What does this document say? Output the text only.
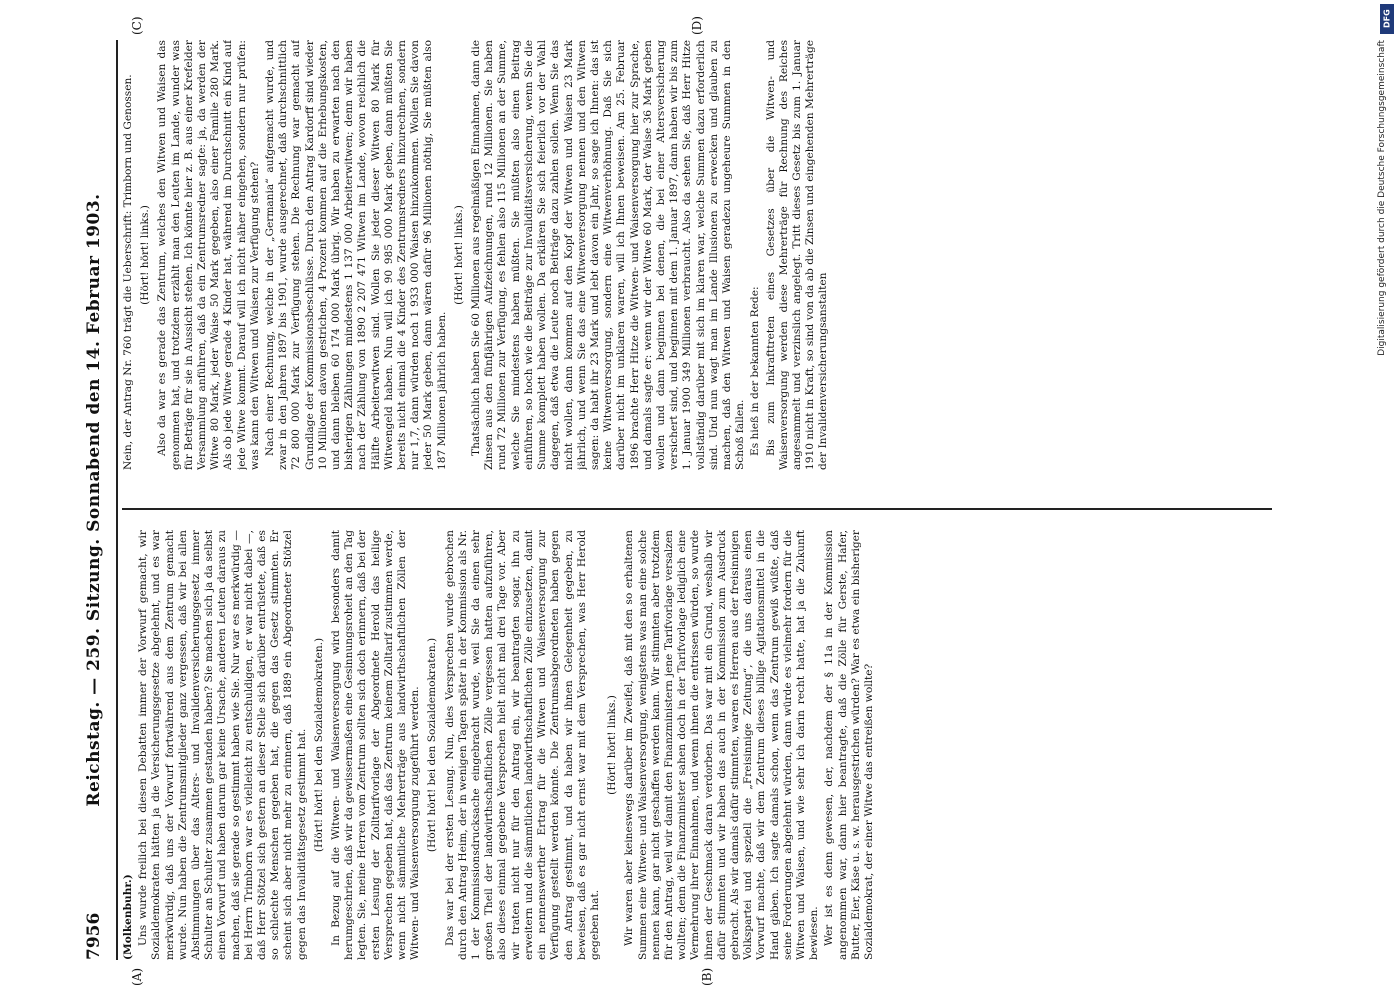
7956
Reichstag. — 259. Sitzung. Sonnabend den 14. Februar 1903.
(A)	(B)
(C)	(D)

(Molkenbuhr.) Uns wurde freilich bei diesen Debatten immer der Vorwurf gemacht, wir Sozialdemokraten hätten ja die Versicherungsgesetze abgelehnt, und es war merkwürdig, daß uns der Vorwurf fortwährend aus dem Zentrum gemacht wurde. Nun haben die Zentrumsmitglieder ganz vergessen, daß wir bei allen Abstimmungen über das Alters- und Invalidenversicherungsgesetz immer Schulter an Schulter zusammen gestanden haben? Sie machen sich ja da selbst einen Vorwurf und haben darum gar keine Ursache, anderen Leuten daraus zu machen, daß sie gerade so gestimmt haben wie Sie. Nur war es merkwürdig — bei Herrn Trimborn war es vielleicht zu entschuldigen, er war nicht dabei —, daß Herr Stötzel sich gestern an dieser Stelle sich darüber entrüstete, daß es so schlechte Menschen gegeben hat, die gegen das Gesetz stimmten. Er scheint sich aber nicht mehr zu erinnern, daß 1889 ein Abgeordneter Stötzel gegen das Invaliditätsgesetz gestimmt hat. (Hört! hört! bei den Sozialdemokraten.) In Bezug auf die Witwen- und Waisenversorgung wird besonders damit herumgeschrien, daß wir da gewissermaßen eine Gesinnungsroheit an den Tag legten. Sie, meine Herren vom Zentrum sollten sich doch erinnern, daß bei der ersten Lesung der Zolltarifvorlage der Abgeordnete Herold das heilige Versprechen gegeben hat, daß das Zentrum keinem Zolltarif zustimmen werde, wenn nicht sämmtliche Mehrerträge aus landwirthschaftlichen Zöllen der Witwen- und Waisenversorgung zugeführt werden. (Hört! hört! bei den Sozialdemokraten.) Das war bei der ersten Lesung. Nun, dies Versprechen wurde gebrochen durch den Antrag Heim, der in wenigen Tagen später in der Kommission als Nr. 1 der Kommissionsdrucksache eingebracht wurde, weil Sie da einen sehr großen Theil der landwirthschaftlichen Zölle vergessen hatten aufzuführen, also dieses einmal gegebene Versprechen hielt nicht mal drei Tage vor. Aber wir traten nicht nur für den Antrag ein, wir beantragten sogar, ihn zu erweitern und die sämmtlichen landwirthschaftlichen Zölle einzusetzen, damit ein nennenswerther Ertrag für die Witwen und Waisenversorgung zur Verfügung gestellt werden könnte. Die Zentrumsabgeordneten haben gegen den Antrag gestimmt, und da haben wir ihnen Gelegenheit gegeben, zu beweisen, daß es gar nicht ernst war mit dem Versprechen, was Herr Herold gegeben hat.

(Hört! hört! links.) Wir waren aber keineswegs darüber im Zweifel, daß mit den so erhaltenen Summen eine Witwen- und Waisenversorgung, wenigstens was man eine solche nennen kann, gar nicht geschaffen werden kann. Wir stimmten aber trotzdem für den Antrag, weil wir damit den Finanzministern jene Tarifvorlage versalzen wollten; denn die Finanzminister sahen doch in der Tarifvorlage lediglich eine Vermehrung ihrer Einnahmen, und wenn ihnen die entrissen würden, so wurde ihnen der Geschmack daran verdorben. Das war mit ein Grund, weshalb wir dafür stimmten und wir haben das auch in der Kommission zum Ausdruck gebracht. Als wir damals dafür stimmten, waren es Herren aus der freisinnigen Volkspartei und speziell die „Freisinnige Zeitung“, die uns daraus einen Vorwurf machte, daß wir dem Zentrum dieses billige Agitationsmittel in die Hand gäben. Ich sagte damals schon, wenn das Zentrum gewiß wüßte, daß seine Forderungen abgelehnt würden, dann würde es vielmehr fordern für die Witwen und Waisen, und wie sehr ich darin recht hatte, hat ja die Zukunft bewiesen. Wer ist es denn gewesen, der, nachdem der § 11a in der Kommission angenommen war, dann hier beantragte, daß die Zölle für Gerste, Hafer, Butter, Eier, Käse u. s. w. herausgestrichen würden? War es etwa ein bisheriger Sozialdemokrat, der einer Witwe das entreißen wollte?

Nein, der Antrag Nr. 760 trägt die Ueberschrift: Trimborn und Genossen. (Hört! hört! links.) Also da war es gerade das Zentrum, welches den Witwen und Waisen das genommen hat, und trotzdem erzählt man den Leuten im Lande, wunder was für Beträge für sie in Aussicht stehen. Ich könnte hier z. B. aus einer Krefelder Versammlung anführen, daß da ein Zentrumsredner sagte: ja, da werden der Witwe 80 Mark, jeder Waise 50 Mark gegeben, also einer Familie 280 Mark. Als ob jede Witwe gerade 4 Kinder hat, während im Durchschnitt ein Kind auf jede Witwe kommt. Darauf will ich nicht näher eingehen, sondern nur prüfen: was kann den Witwen und Waisen zur Verfügung stehen? Nach einer Rechnung, welche in der „Germania“ aufgemacht wurde, und zwar in den Jahren 1897 bis 1901, wurde ausgerechnet, daß durchschnittlich 72 800 000 Mark zur Verfügung stehen. Die Rechnung war gemacht auf Grundlage der Kommissionsbeschlüsse. Durch den Antrag Kardorff sind wieder 10 Millionen davon gestrichen, 4 Prozent kommen auf die Erhebungskosten, und dann bleiben 60 174 000 Mark übrig. Wir haben zu erwarten nach den bisherigen Zählungen mindestens 1 137 000 Arbeiterwitwen; denn wir haben nach der Zählung von 1890 2 207 471 Witwen im Lande, wovon reichlich die Hälfte Arbeiterwitwen sind. Wollen Sie jeder dieser Witwen 80 Mark für Witwengeld haben. Nun will ich 90 985 000 Mark geben, dann müßten Sie bereits nicht einmal die 4 Kinder des Zentrumsredners hinzurechnen, sondern nur 1,7, dann würden noch 1 933 000 Waisen hinzukommen. Wollen Sie davon jeder 50 Mark geben, dann wären dafür 96 Millionen nöthig, Sie müßten also 187 Millionen jährlich haben.

(Hört! hört! links.) Thatsächlich haben Sie 60 Millionen aus regelmäßigen Einnahmen, dann die Zinsen aus den fünfjährigen Aufzeichnungen, rund 12 Millionen. Sie haben rund 72 Millionen zur Verfügung, es fehlen also 115 Millionen an der Summe, welche Sie mindestens haben müßten. Sie müßten also einen Beitrag einführen, so hoch wie die Beiträge zur Invaliditätsversicherung, wenn Sie die Summe komplett haben wollen. Da erklären Sie sich feierlich vor der Wahl dagegen, daß etwa die Leute noch Beiträge dazu zahlen sollen. Wenn Sie das nicht wollen, dann kommen auf den Kopf der Witwen und Waisen 23 Mark jährlich, und wenn Sie das eine Witwenversorgung nennen und den Witwen sagen: da habt ihr 23 Mark und lebt davon ein Jahr, so sage ich Ihnen: das ist keine Witwenversorgung, sondern eine Witwenverhöhnung. Daß Sie sich darüber nicht im unklaren waren, will ich Ihnen beweisen. Am 25. Februar 1896 brachte Herr Hitze die Witwen- und Waisenversorgung hier zur Sprache, und damals sagte er: wenn wir der Witwe 60 Mark, der Waise 36 Mark geben wollen und dann beginnen bei denen, die bei einer Altersversicherung versichert sind, und beginnen mit dem 1. Januar 1897, dann haben wir bis zum 1. Januar 1900 349 Millionen verbraucht. Also da sehen Sie, daß Herr Hitze vollständig darüber mit sich im klaren war, welche Summen dazu erforderlich sind. Und nun wagt man im Lande Illusionen zu erwecken und glauben zu machen, daß den Witwen und Waisen geradezu ungeheure Summen in den Schoß fallen. Es hieß in der bekannten Rede: Bis zum Inkrafttreten eines Gesetzes über die Witwen- und Waisenversorgung werden diese Mehrerträge für Rechnung des Reiches angesammelt und verzinslich angelegt. Tritt dieses Gesetz bis zum 1. Januar 1910 nicht in Kraft, so sind von da ab die Zinsen und eingehenden Mehrerträge der Invalidenversicherungsanstalten

DFG
Digitalisierung gefördert durch die Deutsche Forschungsgemeinschaft
